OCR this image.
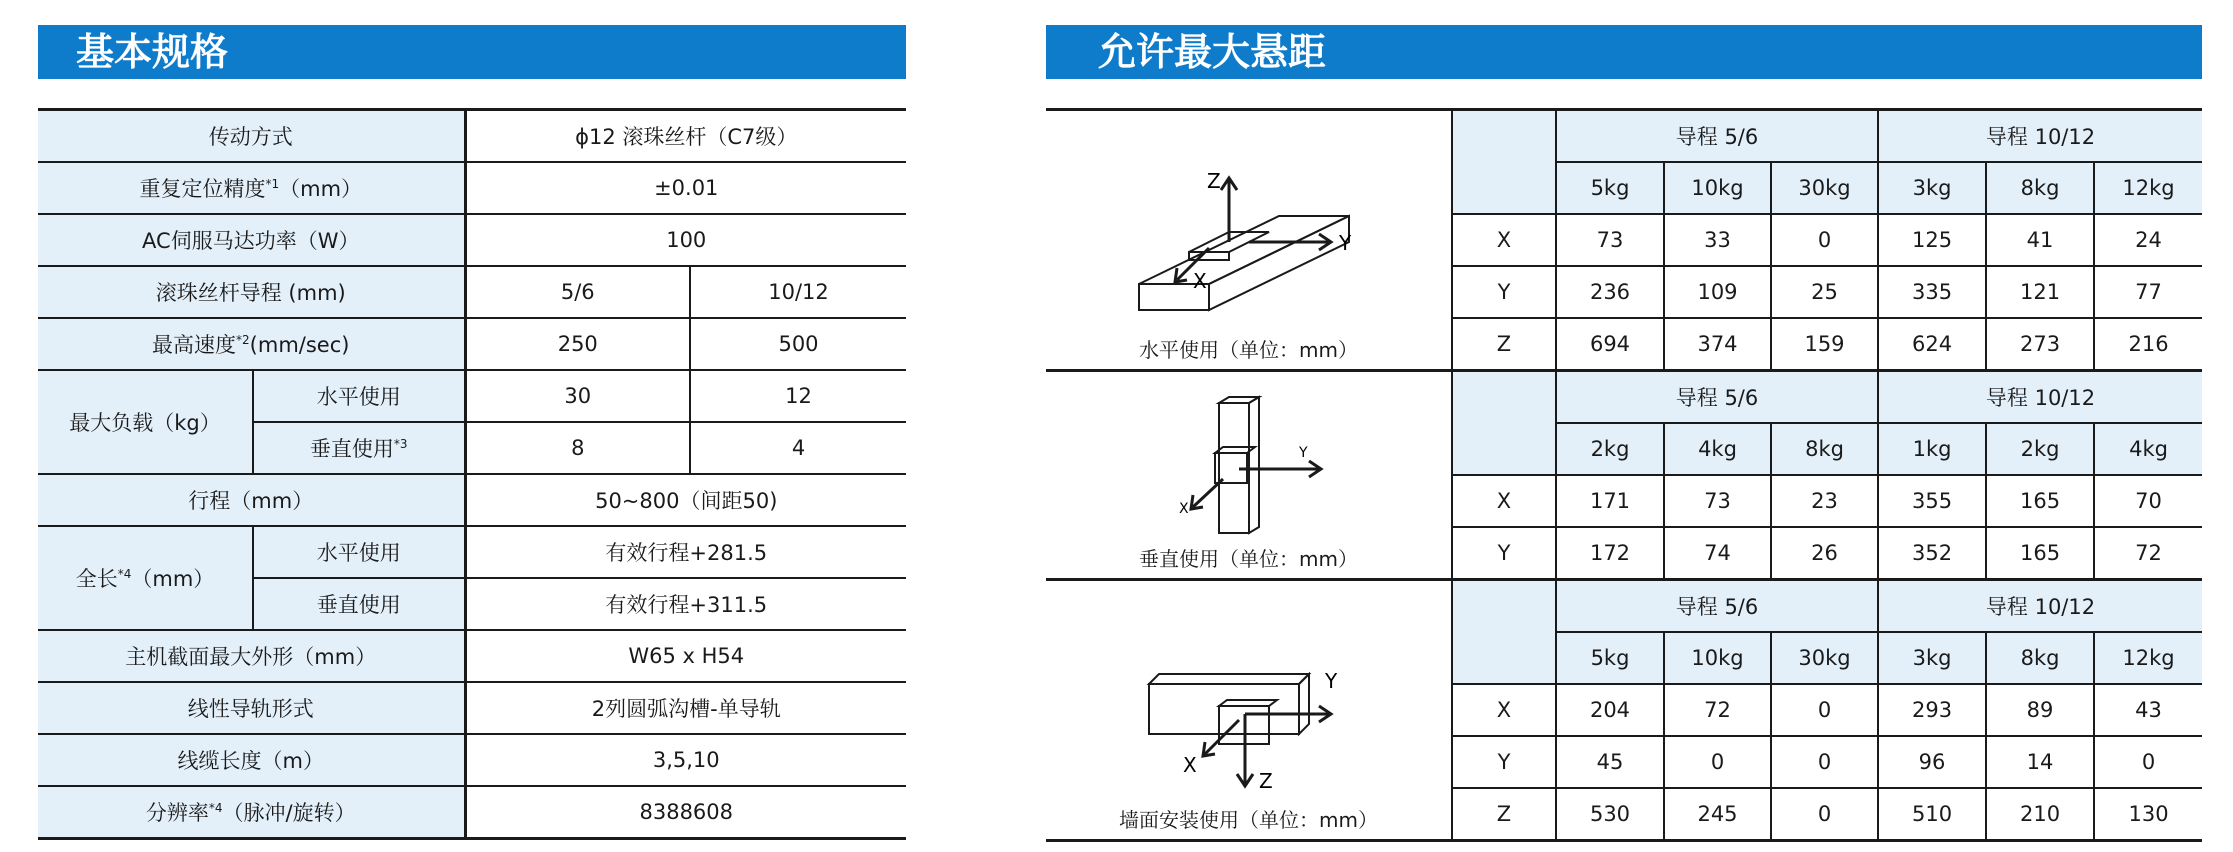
基本规格	允许最大悬距
传动方式		ϕ12 滚珠丝杆（C7级）	
重复定位精度$^{*1}$（mm）		±0.01	
AC伺服马达功率（W）		100	
滚珠丝杆导程 (mm)		5/6	10/12
最高速度$^{*2}$(mm/sec)		250	500
最大负载（kg）	水平使用	30	12
	垂直使用$^{*3}$	8	4
行程（mm）		50~800（间距50)	
全长$^{*4}$（mm）	水平使用	有效行程+281.5	
	垂直使用	有效行程+311.5	
主机截面最大外形（mm）		W65 x H54	
线性导轨形式		2列圆弧沟槽-单导轨	
线缆长度（m）		3,5,10	
分辨率$^{*4}$（脉冲/旋转）		8388608	
Z
Y
X
水平使用（单位：mm）		导程 5/6			导程 10/12		
		5kg	10kg	30kg	3kg	8kg	12kg
	X	73	33	0	125	41	24
	Y	236	109	25	335	121	77
	Z	694	374	159	624	273	216

Y
X
垂直使用（单位：mm）		导程 5/6			导程 10/12		
		2kg	4kg	8kg	1kg	2kg	4kg
	X	171	73	23	355	165	70
	Y	172	74	26	352	165	72

Y
Z
X
墙面安装使用（单位：mm）		导程 5/6			导程 10/12		
		5kg	10kg	30kg	3kg	8kg	12kg
	X	204	72	0	293	89	43
	Y	45	0	0	96	14	0
	Z	530	245	0	510	210	130
